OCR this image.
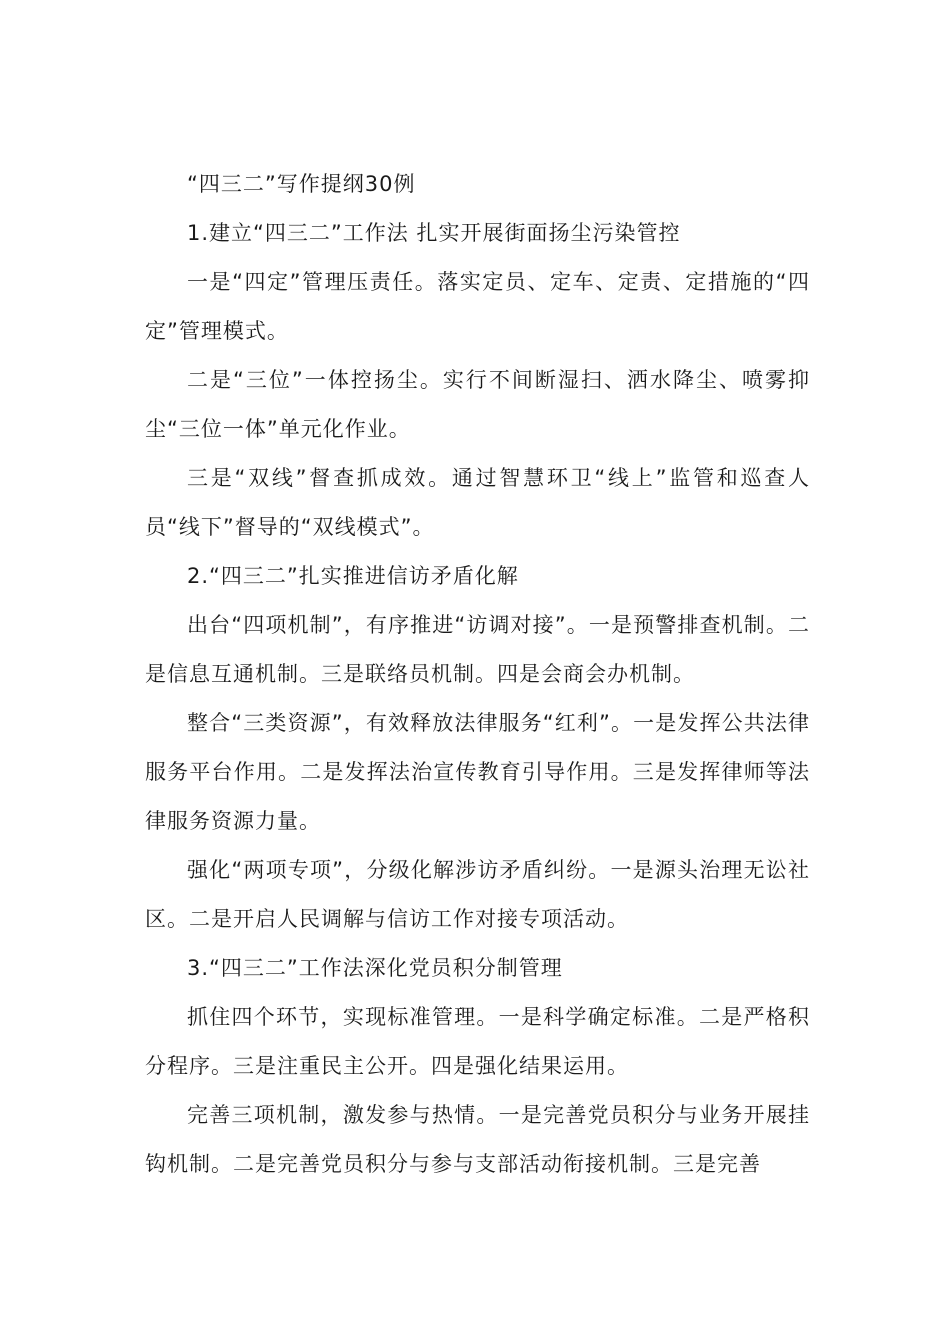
“四三二”写作提纲30例

1.建立“四三二”工作法 扎实开展街面扬尘污染管控

一是“四定”管理压责任。落实定员、定车、定责、定措施的“四定”管理模式。

二是“三位”一体控扬尘。实行不间断湿扫、洒水降尘、喷雾抑尘“三位一体”单元化作业。

三是“双线”督查抓成效。通过智慧环卫“线上”监管和巡查人员“线下”督导的“双线模式”。

2.“四三二”扎实推进信访矛盾化解

出台“四项机制”，有序推进“访调对接”。一是预警排查机制。二是信息互通机制。三是联络员机制。四是会商会办机制。

整合“三类资源”，有效释放法律服务“红利”。一是发挥公共法律服务平台作用。二是发挥法治宣传教育引导作用。三是发挥律师等法律服务资源力量。

强化“两项专项”，分级化解涉访矛盾纠纷。一是源头治理无讼社区。二是开启人民调解与信访工作对接专项活动。

3.“四三二”工作法深化党员积分制管理

抓住四个环节，实现标准管理。一是科学确定标准。二是严格积分程序。三是注重民主公开。四是强化结果运用。

完善三项机制，激发参与热情。一是完善党员积分与业务开展挂钩机制。二是完善党员积分与参与支部活动衔接机制。三是完善
